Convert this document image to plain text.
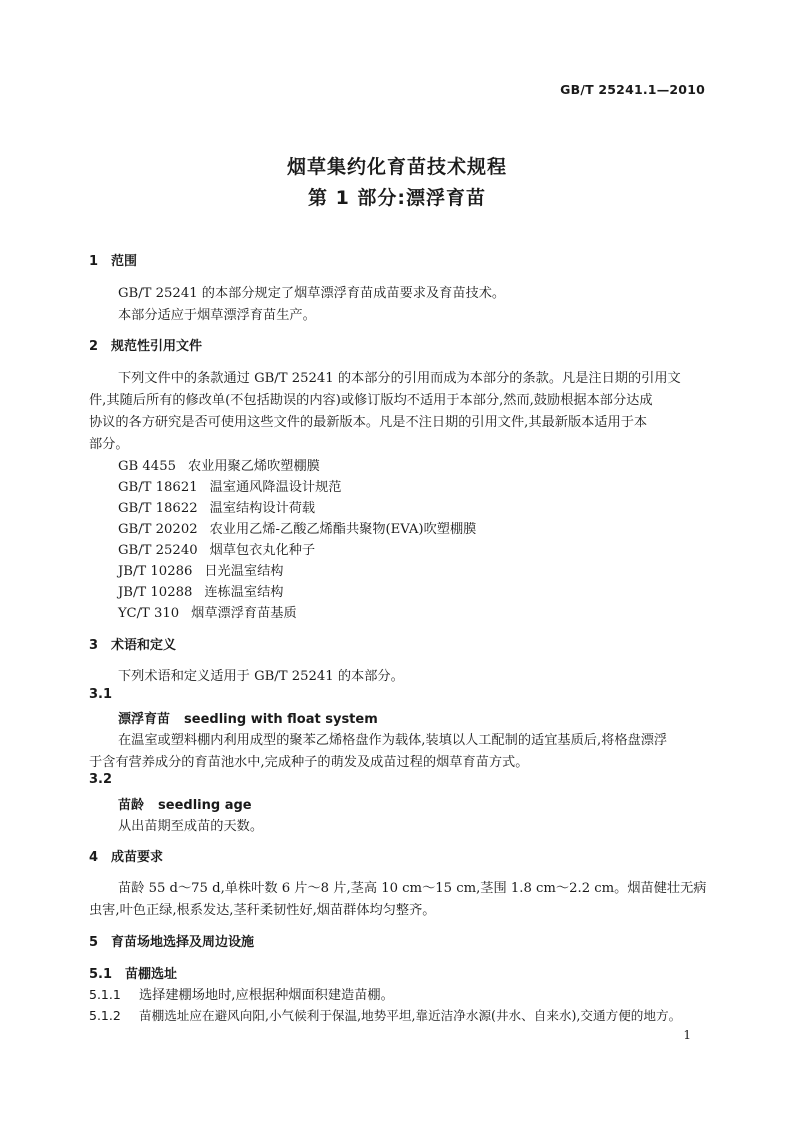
GB/T 25241.1—2010
烟草集约化育苗技术规程
第 1 部分:漂浮育苗
1 范围
GB/T 25241 的本部分规定了烟草漂浮育苗成苗要求及育苗技术。
本部分适应于烟草漂浮育苗生产。
2 规范性引用文件
下列文件中的条款通过 GB/T 25241 的本部分的引用而成为本部分的条款。凡是注日期的引用文
件,其随后所有的修改单(不包括勘误的内容)或修订版均不适用于本部分,然而,鼓励根据本部分达成
协议的各方研究是否可使用这些文件的最新版本。凡是不注日期的引用文件,其最新版本适用于本
部分。
GB 4455 农业用聚乙烯吹塑棚膜
GB/T 18621 温室通风降温设计规范
GB/T 18622 温室结构设计荷载
GB/T 20202 农业用乙烯-乙酸乙烯酯共聚物(EVA)吹塑棚膜
GB/T 25240 烟草包衣丸化种子
JB/T 10286 日光温室结构
JB/T 10288 连栋温室结构
YC/T 310 烟草漂浮育苗基质
3 术语和定义
下列术语和定义适用于 GB/T 25241 的本部分。
3.1
漂浮育苗 seedling with float system
在温室或塑料棚内利用成型的聚苯乙烯格盘作为载体,装填以人工配制的适宜基质后,将格盘漂浮
于含有营养成分的育苗池水中,完成种子的萌发及成苗过程的烟草育苗方式。
3.2
苗龄 seedling age
从出苗期至成苗的天数。
4 成苗要求
苗龄 55 d～75 d,单株叶数 6 片～8 片,茎高 10 cm～15 cm,茎围 1.8 cm～2.2 cm。烟苗健壮无病
虫害,叶色正绿,根系发达,茎秆柔韧性好,烟苗群体均匀整齐。
5 育苗场地选择及周边设施
5.1 苗棚选址
5.1.1 选择建棚场地时,应根据种烟面积建造苗棚。
5.1.2 苗棚选址应在避风向阳,小气候利于保温,地势平坦,靠近洁净水源(井水、自来水),交通方便的地方。
1
